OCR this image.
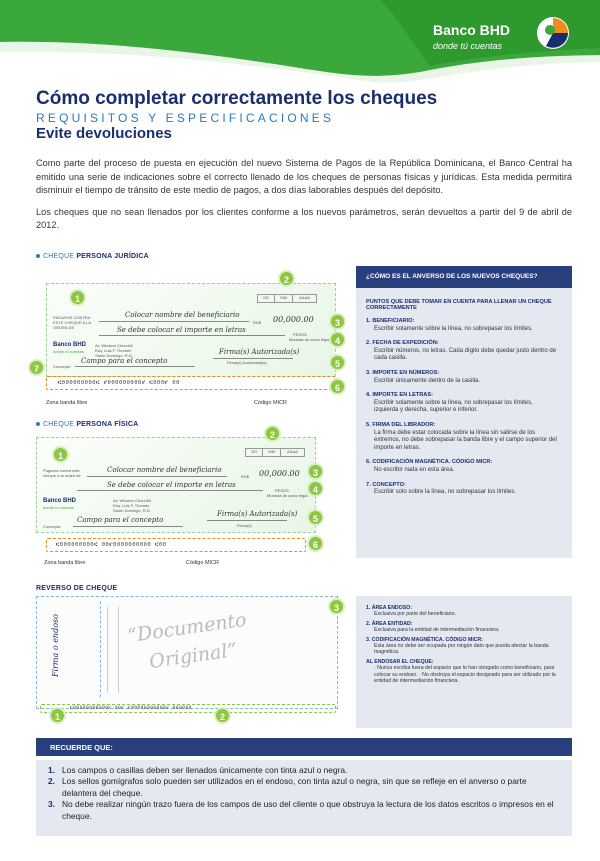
Banco BHD
donde tú cuentas
Cómo completar correctamente los cheques
REQUISITOS Y ESPECIFICACIONES
Evite devoluciones

Como parte del proceso de puesta en ejecución del nuevo Sistema de Pagos de la República Dominicana, el Banco Central ha emitido una serie de indicaciones sobre el correcto llenado de los cheques de personas físicas y jurídicas. Esta medida permitirá disminuir el tiempo de tránsito de este medio de pagos, a dos días laborables después del depósito.

Los cheques que no sean llenados por los clientes conforme a los nuevos parámetros, serán devueltos a partir del 9 de abril de 2012.

CHEQUE PERSONA JURÍDICA
PÁGUESE CONTRA ESTE CHEQUE A LA ORDEN DE
Colocar nombre del beneficiario
RD$ 00,000.00
DD	MM	AAAA
Se debe colocar el importe en letras
PESOS
Moneda de curso legal
Banco BHD
donde tú cuentas
Av. Winston Churchill Esq. Luis F. Thomén Santo Domingo, R.D.	Firma(s) Autorizada(s)
Firma(s) Autorizada(s)
Concepto:
Campo para el concepto
⑆000000000⑆ ⑈000000000⑈ ⑆000⑈ 00
Zona banda libre	Código MICR
1
2
3
4
5
6
7
CHEQUE PERSONA FÍSICA
Páguese contra este cheque a la orden de
Colocar nombre del beneficiario
RD$ 00,000.00
DD	MM	AAAA
Se debe colocar el importe en letras
PESOS
Moneda de curso legal
Banco BHD
donde tú cuentas
Av. Winston Churchill Esq. Luis F. Thomén Santo Domingo, R.D.	Firma(s) Autorizada(s)
Firma(s)
Concepto:
Campo para el concepto
⑆000000000⑆ 00⑈0000000000 ⑆00
Zona banda libre	Código MICR
1
2
3
4
5
6
¿CÓMO ES EL ANVERSO DE LOS NUEVOS CHEQUES?
PUNTOS QUE DEBE TOMAR EN CUENTA PARA LLENAR UN CHEQUE CORRECTAMENTE
1. BENEFICIARIO:
Escribir solamente sobre la línea, no sobrepasar los límites.
2. FECHA DE EXPEDICIÓN:
Escribir números, no letras. Cada dígito debe quedar justo dentro de cada casilla.
3. IMPORTE EN NÚMEROS:
Escribir únicamente dentro de la casilla.
4. IMPORTE EN LETRAS:
Escribir solamente sobre la línea, no sobrepasar los límites, izquierda y derecha, superior e inferior.
5. FIRMA DEL LIBRADOR:
La firma debe estar colocada sobre la línea sin salirse de los extremos, no debe sobrepasar la banda libre y el campo superior del importe en letras.
6. CODIFICACIÓN MAGNÉTICA. CÓDIGO MICR:
No escribir nada en esta área.
7. CONCEPTO:
Escribir solo sobre la línea, no sobrepasar los límites.
REVERSO DE CHEQUE
Firma o endoso	“Documento
Original”
⑆00000000000⑆ 00⑈ ⑆99990000000⑈ 000000
3
1	2
1. ÁREA ENDOSO:
Exclusiva por parte del beneficiario.
2. ÁREA ENTIDAD:
Exclusiva para la entidad de intermediación financiera.
3. CODIFICACIÓN MAGNÉTICA. CÓDIGO MICR:
Esta área no debe ser ocupada por ningún dato que pueda afectar la banda magnética.
AL ENDOSAR EL CHEQUE:
· Nunca escriba fuera del espacio que le han otorgado como beneficiario, para colocar su endoso. · No obstruya el espacio designado para ser utilizado por la entidad de intermediación financiera.
RECUERDE QUE:
1. Los campos o casillas deben ser llenados únicamente con tinta azul o negra.
2. Los sellos gomígrafos solo pueden ser utilizados en el endoso, con tinta azul o negra, sin que se refleje en el anverso o parte delantera del cheque.
3. No debe realizar ningún trazo fuera de los campos de uso del cliente o que obstruya la lectura de los datos escritos o impresos en el cheque.
